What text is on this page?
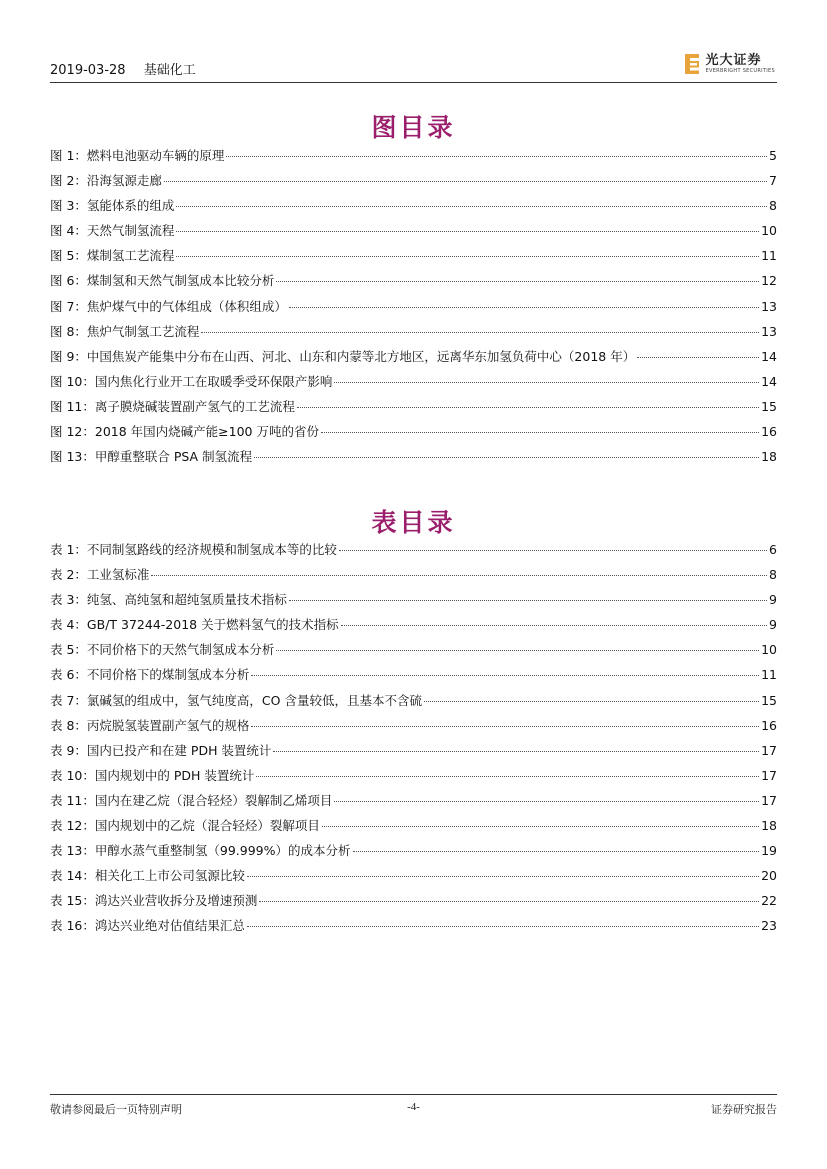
2019-03-28 基础化工
光大证券
EVERBRIGHT SECURITIES
图目录
图 1：燃料电池驱动车辆的原理	5
图 2：沿海氢源走廊	7
图 3：氢能体系的组成	8
图 4：天然气制氢流程	10
图 5：煤制氢工艺流程	11
图 6：煤制氢和天然气制氢成本比较分析	12
图 7：焦炉煤气中的气体组成（体积组成）	13
图 8：焦炉气制氢工艺流程	13
图 9：中国焦炭产能集中分布在山西、河北、山东和内蒙等北方地区，远离华东加氢负荷中心（2018 年）	14
图 10：国内焦化行业开工在取暖季受环保限产影响	14
图 11：离子膜烧碱装置副产氢气的工艺流程	15
图 12：2018 年国内烧碱产能≥100 万吨的省份	16
图 13：甲醇重整联合 PSA 制氢流程	18
表目录
表 1：不同制氢路线的经济规模和制氢成本等的比较	6
表 2：工业氢标准	8
表 3：纯氢、高纯氢和超纯氢质量技术指标	9
表 4：GB/T 37244-2018 关于燃料氢气的技术指标	9
表 5：不同价格下的天然气制氢成本分析	10
表 6：不同价格下的煤制氢成本分析	11
表 7：氯碱氢的组成中，氢气纯度高，CO 含量较低，且基本不含硫	15
表 8：丙烷脱氢装置副产氢气的规格	16
表 9：国内已投产和在建 PDH 装置统计	17
表 10：国内规划中的 PDH 装置统计	17
表 11：国内在建乙烷（混合轻烃）裂解制乙烯项目	17
表 12：国内规划中的乙烷（混合轻烃）裂解项目	18
表 13：甲醇水蒸气重整制氢（99.999%）的成本分析	19
表 14：相关化工上市公司氢源比较	20
表 15：鸿达兴业营收拆分及增速预测	22
表 16：鸿达兴业绝对估值结果汇总	23
敬请参阅最后一页特别声明	-4-	证券研究报告
